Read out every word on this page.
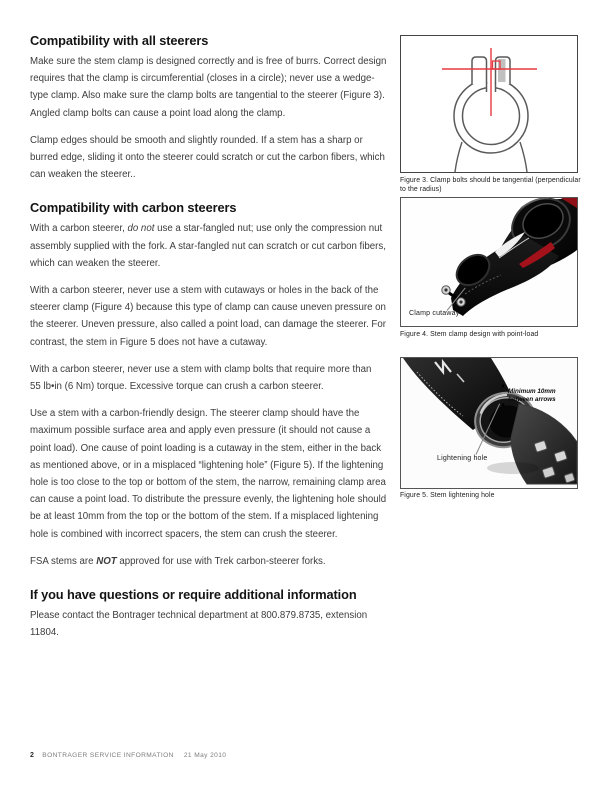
Compatibility with all steerers

Make sure the stem clamp is designed correctly and is free of burrs. Correct design requires that the clamp is circumferential (closes in a circle); never use a wedge-type clamp. Also make sure the clamp bolts are tangential to the steerer (Figure 3). Angled clamp bolts can cause a point load along the clamp.

Clamp edges should be smooth and slightly rounded. If a stem has a sharp or burred edge, sliding it onto the steerer could scratch or cut the carbon fibers, which can weaken the steerer..

Compatibility with carbon steerers

With a carbon steerer, do not use a star-fangled nut; use only the compression nut assembly supplied with the fork. A star-fangled nut can scratch or cut carbon fibers, which can weaken the steerer.

With a carbon steerer, never use a stem with cutaways or holes in the back of the steerer clamp (Figure 4) because this type of clamp can cause uneven pressure on the steerer. Uneven pressure, also called a point load, can damage the steerer. For contrast, the stem in Figure 5 does not have a cutaway.

With a carbon steerer, never use a stem with clamp bolts that require more than
55 lb•in (6 Nm) torque. Excessive torque can crush a carbon steerer.

Use a stem with a carbon-friendly design. The steerer clamp should have the maximum possible surface area and apply even pressure (it should not cause a point load). One cause of point loading is a cutaway in the stem, either in the back as mentioned above, or in a misplaced “lightening hole” (Figure 5). If the lightening hole is too close to the top or bottom of the stem, the narrow, remaining clamp area can cause a point load. To distribute the pressure evenly, the lightening hole should be at least 10mm from the top or the bottom of the stem. If a misplaced lightening hole is combined with incorrect spacers, the stem can crush the steerer.

FSA stems are NOT approved for use with Trek carbon-steerer forks.

If you have questions or require additional information

Please contact the Bontrager technical department at 800.879.8735, extension 11804.

Figure 3. Clamp bolts should be tangential (perpendicular to the radius)
Clamp cutaway
Figure 4. Stem clamp design with point-load
▼
▲
Minimum 10mm between arrows
Lightening hole
Figure 5. Stem lightening hole
2 BONTRAGER SERVICE INFORMATION 21 May 2010
